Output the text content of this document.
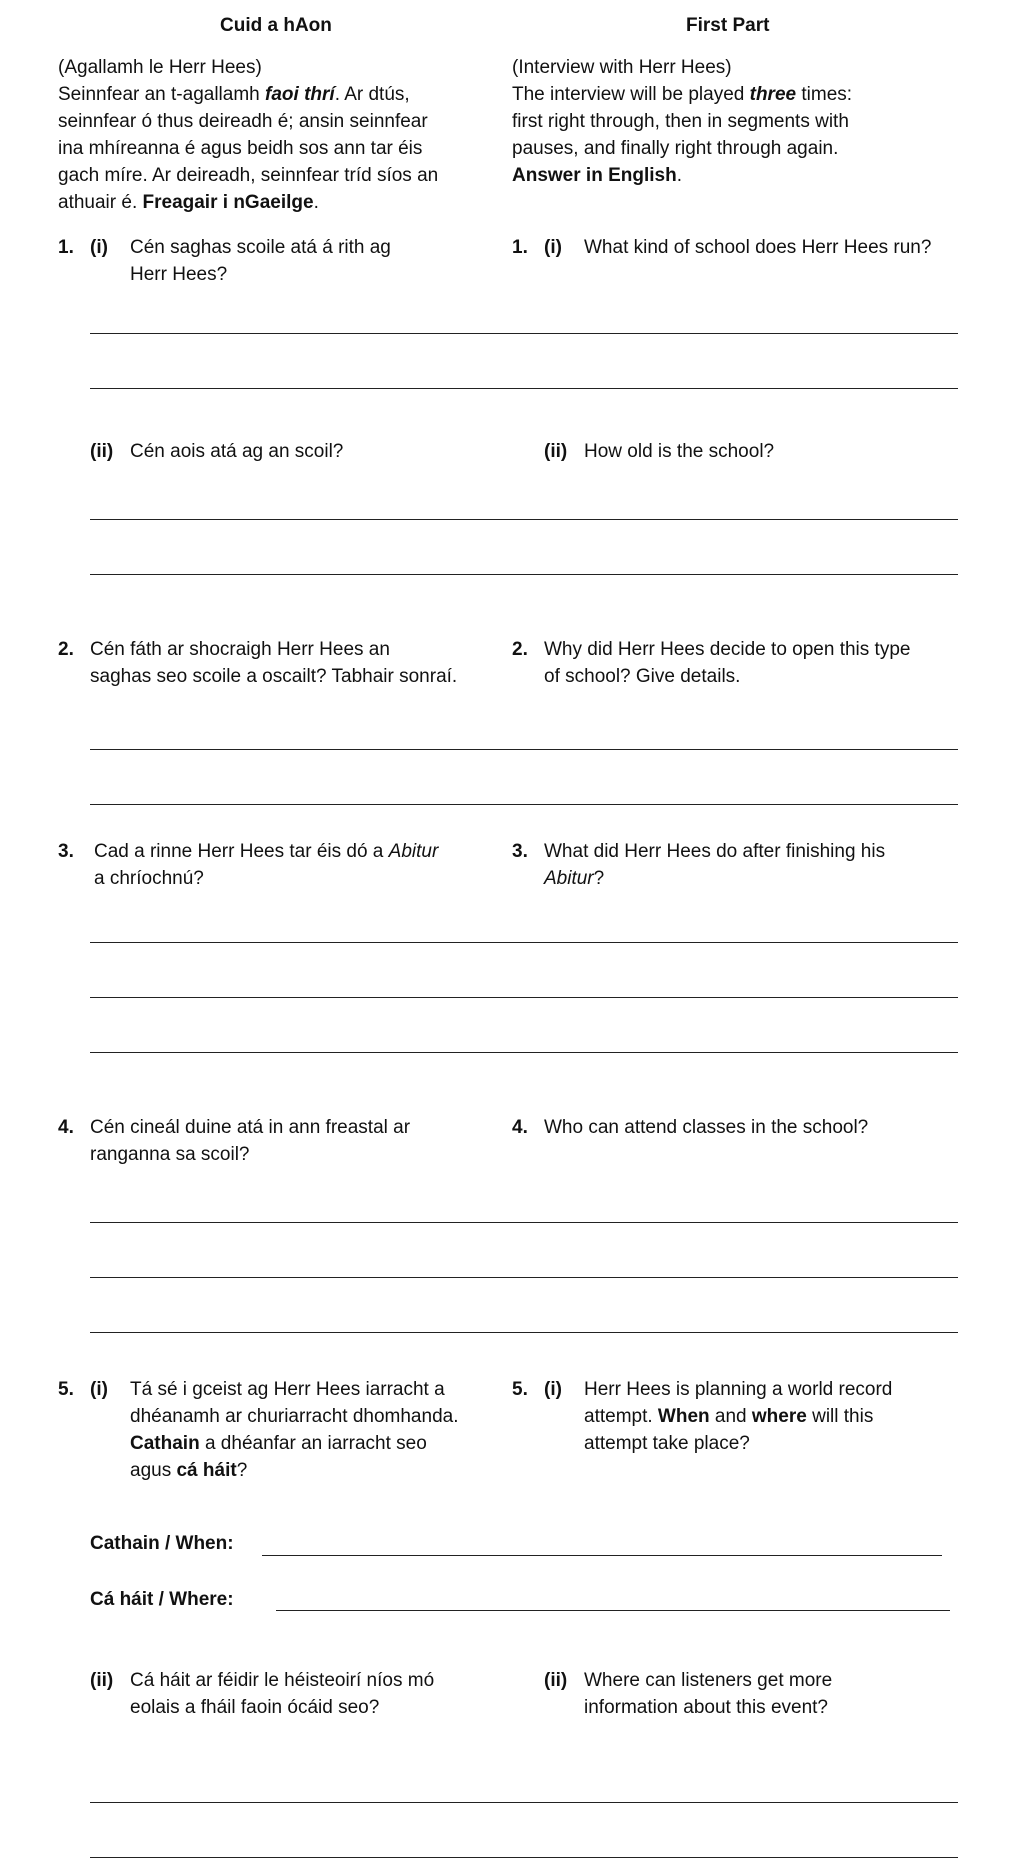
Cuid a hAon	First Part
(Agallamh le Herr Hees)
Seinnfear an t-agallamh faoi thrí. Ar dtús,
seinnfear ó thus deireadh é; ansin seinnfear
ina mhíreanna é agus beidh sos ann tar éis
gach míre. Ar deireadh, seinnfear tríd síos an
athuair é. Freagair i nGaeilge.
(Interview with Herr Hees)
The interview will be played three times:
first right through, then in segments with
pauses, and finally right through again.
Answer in English.
1. (i) Cén saghas scoile atá á rith ag
Herr Hees?
1. (i) What kind of school does Herr Hees run?
(ii) Cén aois atá ag an scoil?	(ii) How old is the school?
2. Cén fáth ar shocraigh Herr Hees an
saghas seo scoile a oscailt? Tabhair sonraí.
2. Why did Herr Hees decide to open this type
of school? Give details.
3. Cad a rinne Herr Hees tar éis dó a Abitur
a chríochnú?
3. What did Herr Hees do after finishing his
Abitur?
4. Cén cineál duine atá in ann freastal ar
ranganna sa scoil?
4. Who can attend classes in the school?
5. (i) Tá sé i gceist ag Herr Hees iarracht a
dhéanamh ar churiarracht dhomhanda.
Cathain a dhéanfar an iarracht seo
agus cá háit?
5. (i) Herr Hees is planning a world record
attempt. When and where will this
attempt take place?
Cathain / When:
Cá háit / Where:
(ii) Cá háit ar féidir le héisteoirí níos mó
eolais a fháil faoin ócáid seo?
(ii) Where can listeners get more
information about this event?
